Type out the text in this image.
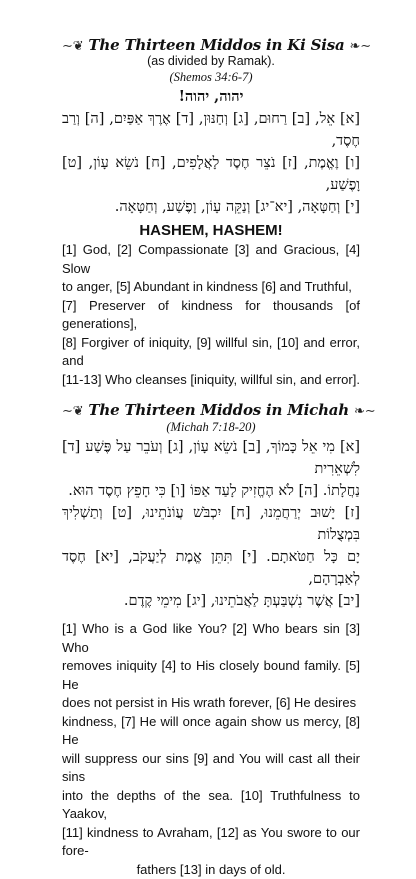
∼❦ The Thirteen Middos in Ki Sisa ❧∼
(as divided by Ramak).
(Shemos 34:6-7)
יהוה, יהוה!
[א] אֵל, [ב] רַחוּם, [ג] וְחַנּוּן, [ד] אֶרֶךְ אַפַּיִם, [ה] וְרַב חֶסֶד,
[ו] וֶאֱמֶת, [ז] נֹצֵר חֶסֶד לָאֲלָפִים, [ח] נֹשֵׂא עָוֹן, [ט] וָפֶשַׁע,
[י] וְחַטָּאָה, [יא־יג] וְנַקֵּה עָוֹן, וָפֶשַׁע, וְחַטָּאָה.
HASHEM, HASHEM!
[1] God, [2] Compassionate [3] and Gracious, [4] Slow
to anger, [5] Abundant in kindness [6] and Truthful,
[7] Preserver of kindness for thousands [of generations],
[8] Forgiver of iniquity, [9] willful sin, [10] and error, and
[11-13] Who cleanses [iniquity, willful sin, and error].
∼❦ The Thirteen Middos in Michah ❧∼
(Michah 7:18-20)
[א] מִי אֵל כָּמוֹךָ, [ב] נֹשֵׂא עָוֹן, [ג] וְעֹבֵר עַל פֶּשַׁע [ד] לִשְׁאֵרִית
נַחֲלָתוֹ. [ה] לֹא הֶחֱזִיק לָעַד אַפּוֹ [ו] כִּי חָפֵץ חֶסֶד הוּא.
[ז] יָשׁוּב יְרַחֲמֵנוּ, [ח] יִכְבֹּשׁ עֲוֹנֹתֵינוּ, [ט] וְתַשְׁלִיךְ בִּמְצֻלוֹת
יָם כָּל חַטֹּאתָם. [י] תִּתֵּן אֱמֶת לְיַעֲקֹב, [יא] חֶסֶד לְאַבְרָהָם,
[יב] אֲשֶׁר נִשְׁבַּעְתָּ לַאֲבֹתֵינוּ, [יג] מִימֵי קֶדֶם.
[1] Who is a God like You? [2] Who bears sin [3] Who
removes iniquity [4] to His closely bound family. [5] He
does not persist in His wrath forever, [6] He desires
kindness, [7] He will once again show us mercy, [8] He
will suppress our sins [9] and You will cast all their sins
into the depths of the sea. [10] Truthfulness to Yaakov,
[11] kindness to Avraham, [12] as You swore to our fore-
fathers [13] in days of old.
